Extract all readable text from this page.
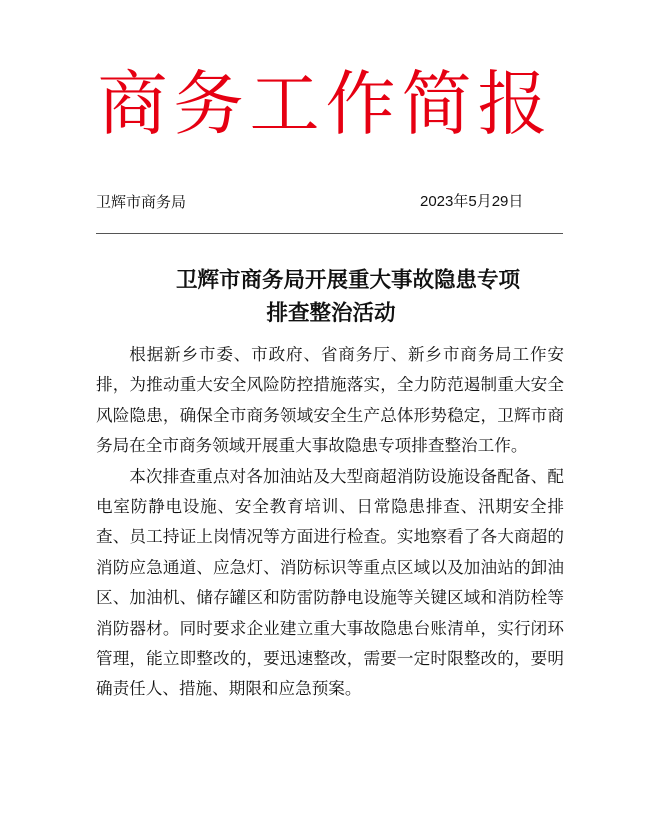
商务工作简报
卫辉市商务局	2023年5月29日
卫辉市商务局开展重大事故隐患专项
排查整治活动

根据新乡市委、市政府、省商务厅、新乡市商务局工作安排，为推动重大安全风险防控措施落实，全力防范遏制重大安全风险隐患，确保全市商务领域安全生产总体形势稳定，卫辉市商务局在全市商务领域开展重大事故隐患专项排查整治工作。

本次排查重点对各加油站及大型商超消防设施设备配备、配电室防静电设施、安全教育培训、日常隐患排查、汛期安全排查、员工持证上岗情况等方面进行检查。实地察看了各大商超的消防应急通道、应急灯、消防标识等重点区域以及加油站的卸油区、加油机、储存罐区和防雷防静电设施等关键区域和消防栓等消防器材。同时要求企业建立重大事故隐患台账清单，实行闭环管理，能立即整改的，要迅速整改，需要一定时限整改的，要明确责任人、措施、期限和应急预案。
